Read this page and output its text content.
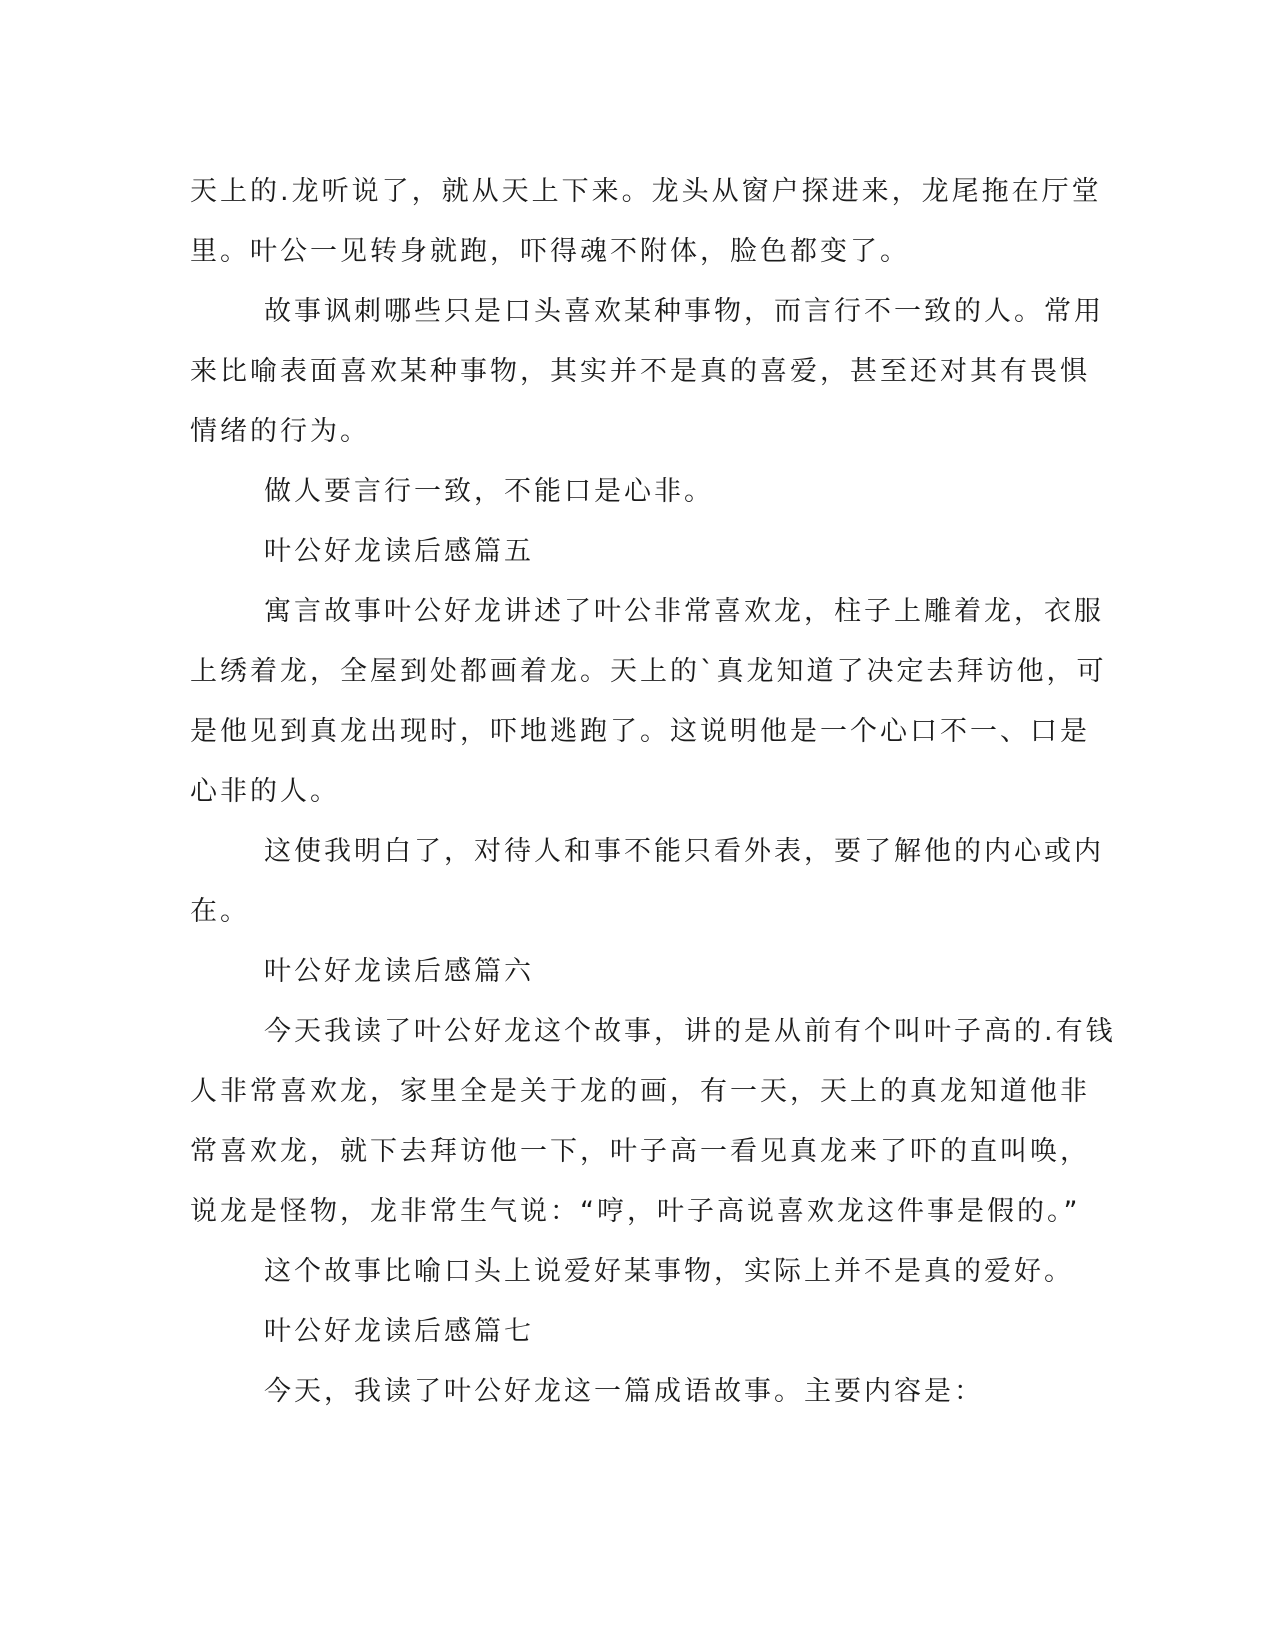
天上的.龙听说了，就从天上下来。龙头从窗户探进来，龙尾拖在厅堂
里。叶公一见转身就跑，吓得魂不附体，脸色都变了。
故事讽刺哪些只是口头喜欢某种事物，而言行不一致的人。常用
来比喻表面喜欢某种事物，其实并不是真的喜爱，甚至还对其有畏惧
情绪的行为。
做人要言行一致，不能口是心非。
叶公好龙读后感篇五
寓言故事叶公好龙讲述了叶公非常喜欢龙，柱子上雕着龙，衣服
上绣着龙，全屋到处都画着龙。天上的`真龙知道了决定去拜访他，可
是他见到真龙出现时，吓地逃跑了。这说明他是一个心口不一、口是
心非的人。
这使我明白了，对待人和事不能只看外表，要了解他的内心或内
在。
叶公好龙读后感篇六
今天我读了叶公好龙这个故事，讲的是从前有个叫叶子高的.有钱
人非常喜欢龙，家里全是关于龙的画，有一天，天上的真龙知道他非
常喜欢龙，就下去拜访他一下，叶子高一看见真龙来了吓的直叫唤，
说龙是怪物，龙非常生气说：“哼，叶子高说喜欢龙这件事是假的。”
这个故事比喻口头上说爱好某事物，实际上并不是真的爱好。
叶公好龙读后感篇七
今天，我读了叶公好龙这一篇成语故事。主要内容是：
